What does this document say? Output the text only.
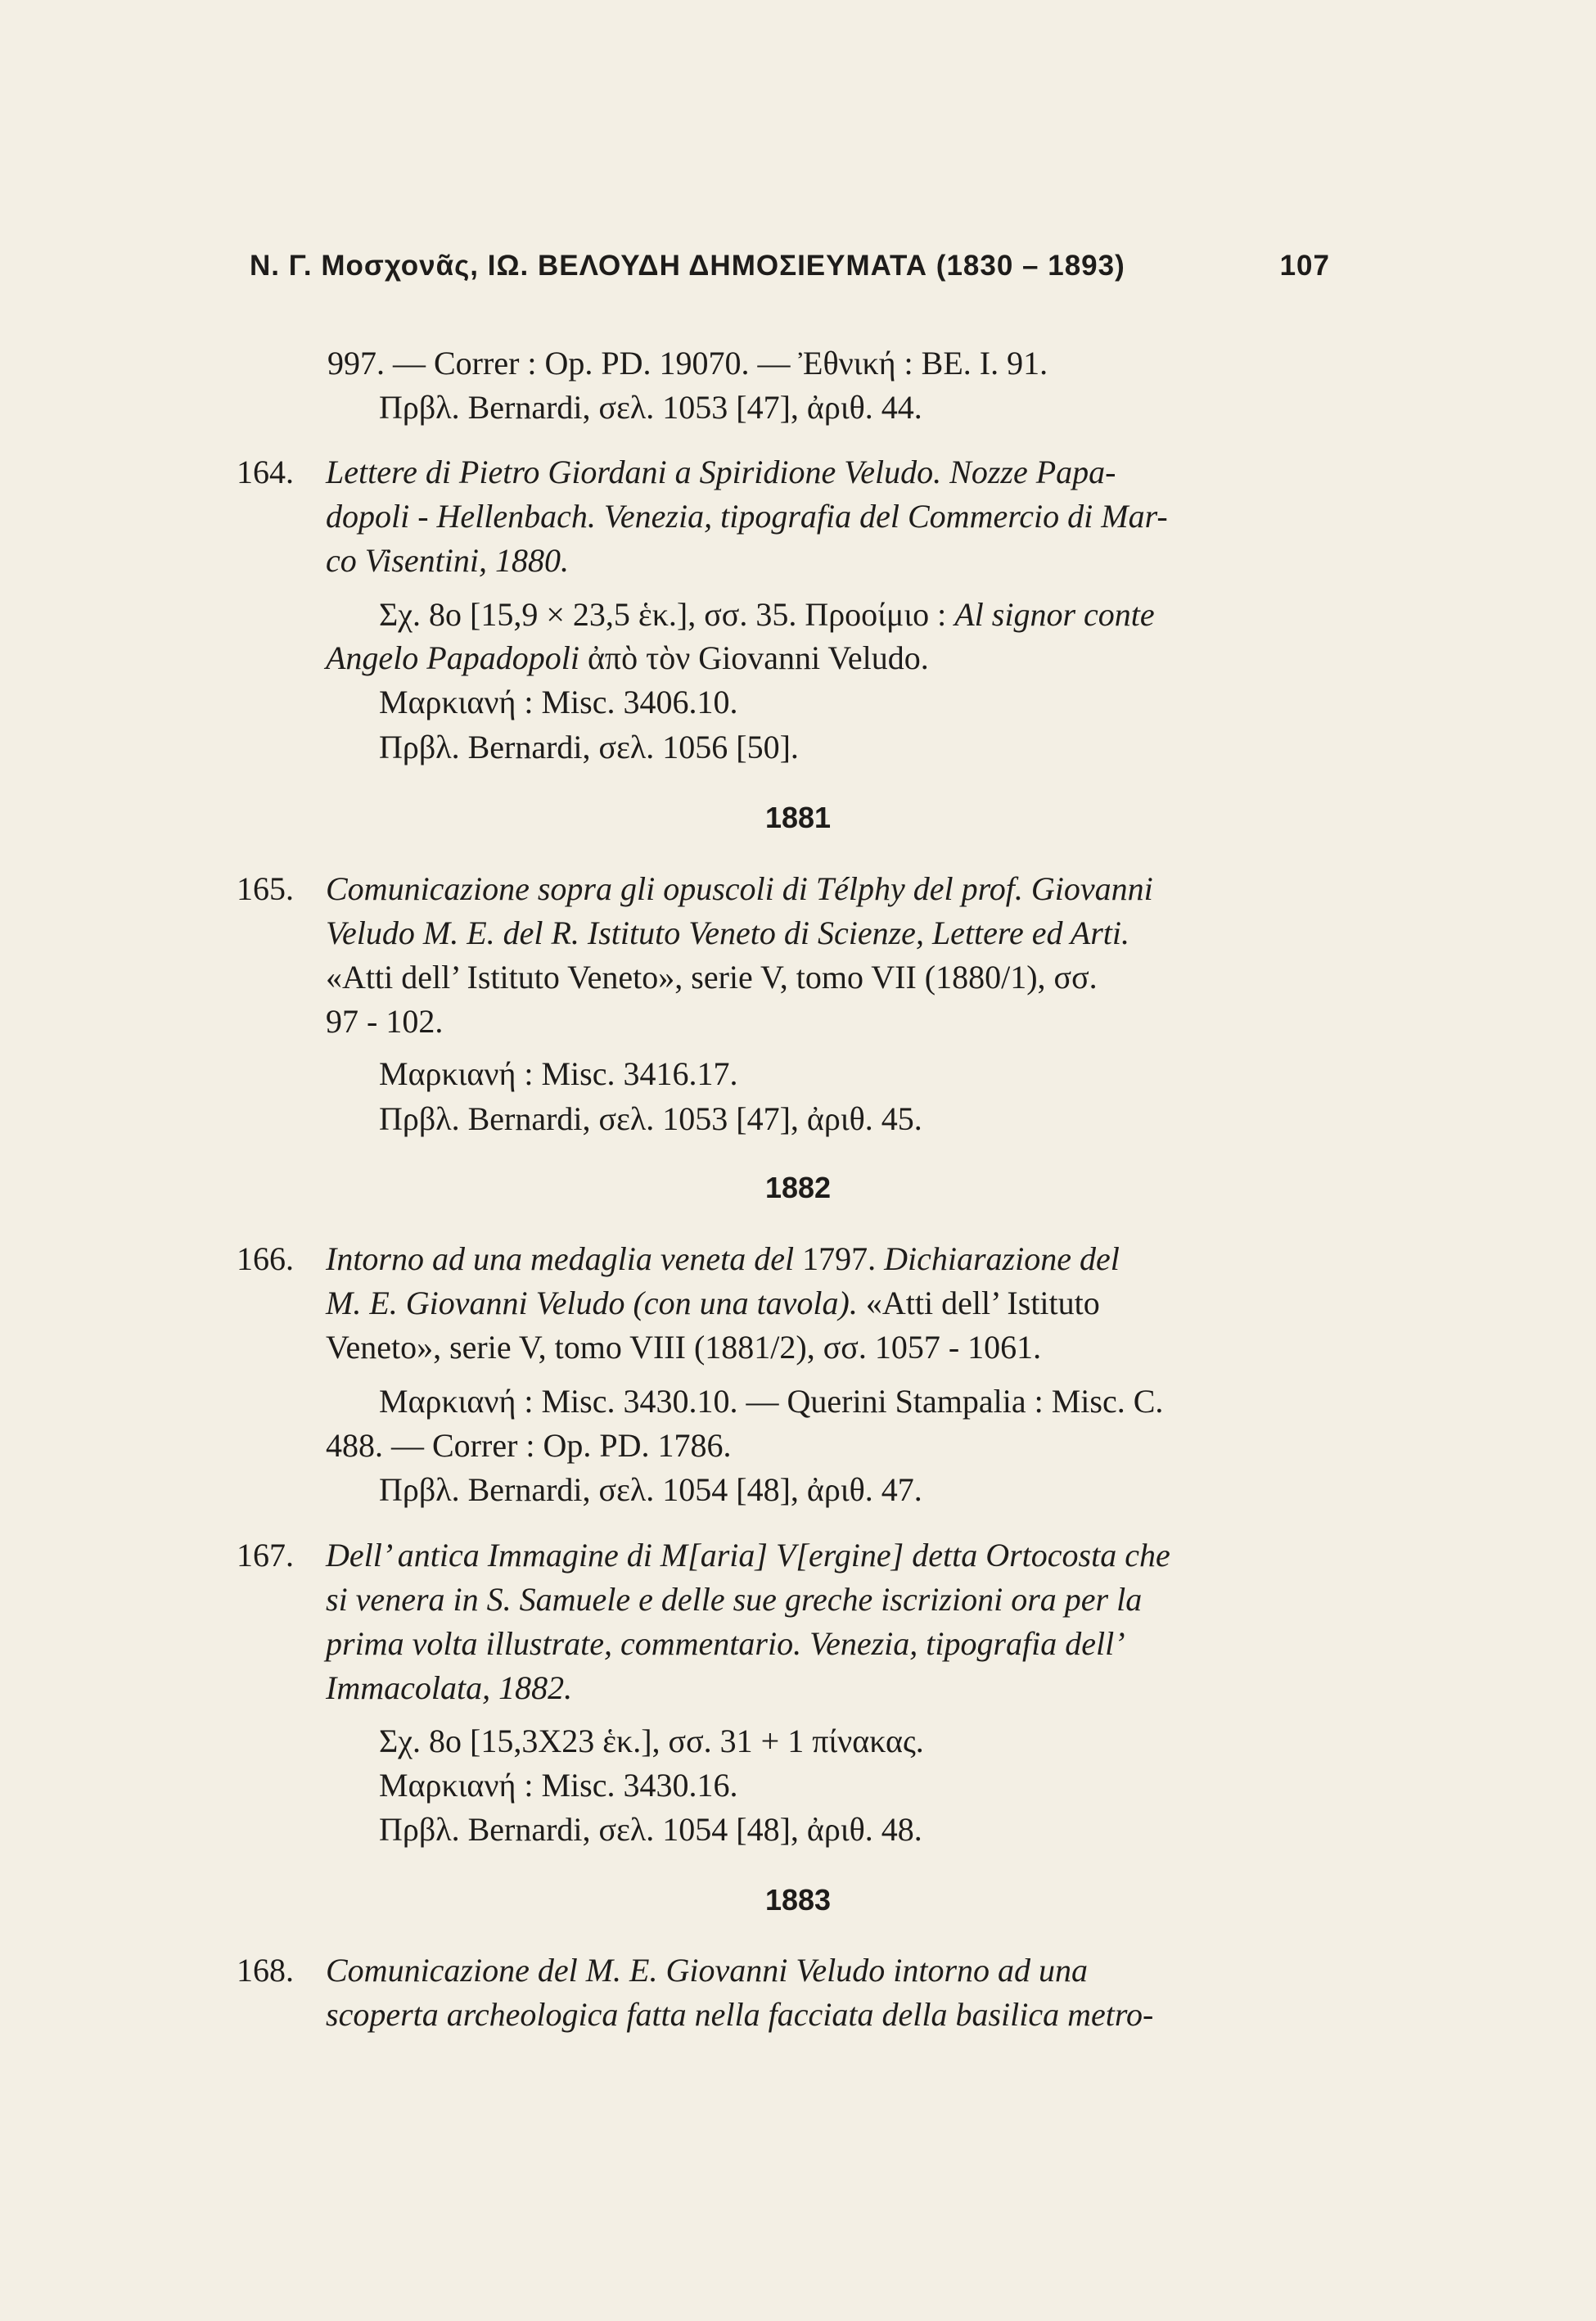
Ν. Γ. Μοσχονᾶς, ΙΩ. ΒΕΛΟΥΔΗ ΔΗΜΟΣΙΕΥΜΑΤΑ (1830 – 1893)	107
997. — Correr : Op. PD. 19070. — Ἐθνική : ΒΕ. Ι. 91.
Πρβλ. Bernardi, σελ. 1053 [47], ἀριθ. 44.
164. Lettere di Pietro Giordani a Spiridione Veludo. Nozze Papa-
dopoli - Hellenbach. Venezia, tipografia del Commercio di Mar-
co Visentini, 1880.
Σχ. 8ο [15,9 × 23,5 ἑκ.], σσ. 35. Προοίμιο : Al signor conte
Angelo Papadopoli ἀπὸ τὸν Giovanni Veludo.
Μαρκιανή : Misc. 3406.10.
Πρβλ. Bernardi, σελ. 1056 [50].
1881
165. Comunicazione sopra gli opuscoli di Télphy del prof. Giovanni
Veludo M. E. del R. Istituto Veneto di Scienze, Lettere ed Arti.
«Atti dell’ Istituto Veneto», serie V, tomo VII (1880/1), σσ.
97 - 102.
Μαρκιανή : Misc. 3416.17.
Πρβλ. Bernardi, σελ. 1053 [47], ἀριθ. 45.
1882
166. Intorno ad una medaglia veneta del 1797. Dichiarazione del
M. E. Giovanni Veludo (con una tavola). «Atti dell’ Istituto
Veneto», serie V, tomo VIII (1881/2), σσ. 1057 - 1061.
Μαρκιανή : Misc. 3430.10. — Querini Stampalia : Misc. C.
488. — Correr : Op. PD. 1786.
Πρβλ. Bernardi, σελ. 1054 [48], ἀριθ. 47.
167. Dell’ antica Immagine di M[aria] V[ergine] detta Ortocosta che
si venera in S. Samuele e delle sue greche iscrizioni ora per la
prima volta illustrate, commentario. Venezia, tipografia dell’
Immacolata, 1882.
Σχ. 8ο [15,3Χ23 ἑκ.], σσ. 31 + 1 πίνακας.
Μαρκιανή : Misc. 3430.16.
Πρβλ. Bernardi, σελ. 1054 [48], ἀριθ. 48.
1883
168. Comunicazione del M. E. Giovanni Veludo intorno ad una
scoperta archeologica fatta nella facciata della basilica metro-
